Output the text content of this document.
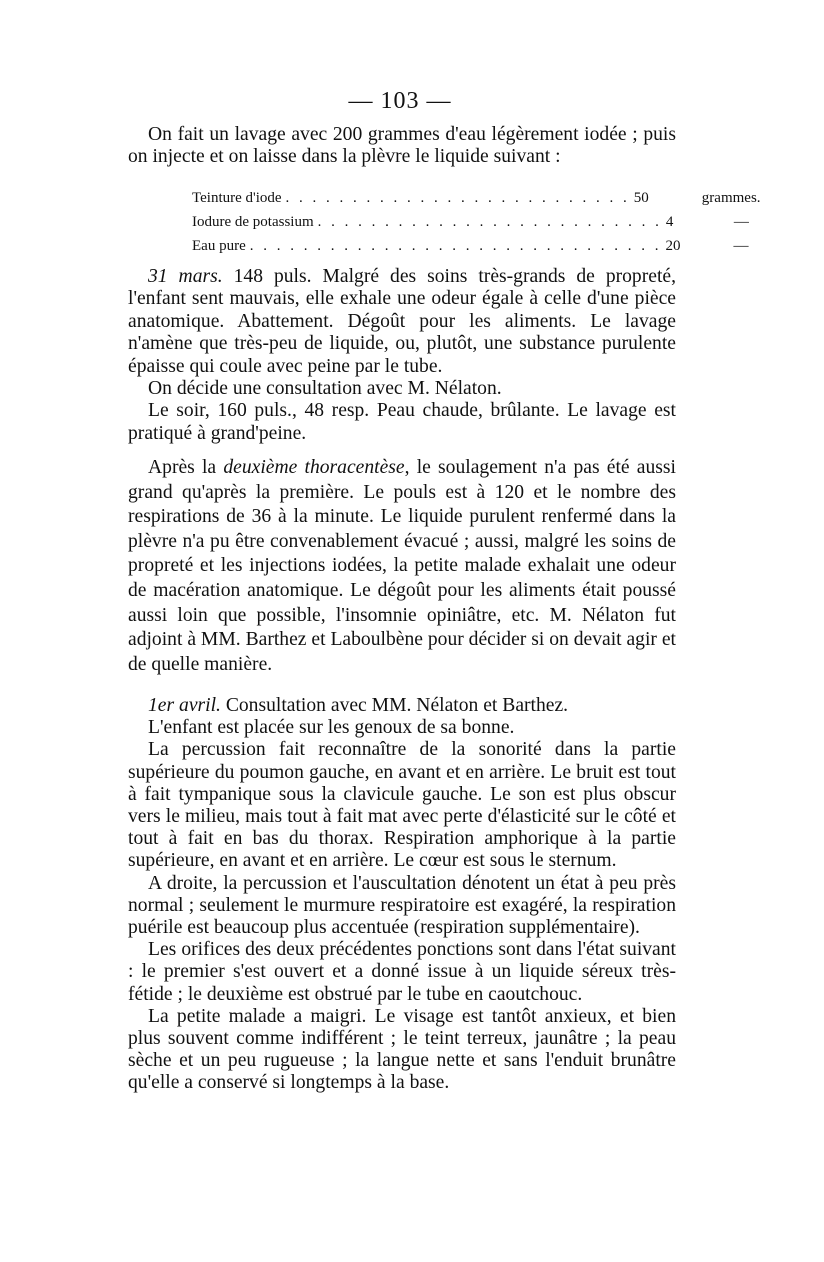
— 103 —

On fait un lavage avec 200 grammes d'eau légèrement iodée ; puis on injecte et on laisse dans la plèvre le liquide suivant :

Teinture d'iode . . . . . . . . . . . . . . . . . . . . . . . . . . 50	grammes.
Iodure de potassium . . . . . . . . . . . . . . . . . . . . . . . . . . 4	—
Eau pure . . . . . . . . . . . . . . . . . . . . . . . . . . . . . . . 20	—

31 mars. 148 puls. Malgré des soins très-grands de propreté, l'enfant sent mauvais, elle exhale une odeur égale à celle d'une pièce anatomique. Abattement. Dégoût pour les aliments. Le lavage n'amène que très-peu de liquide, ou, plutôt, une substance purulente épaisse qui coule avec peine par le tube.

On décide une consultation avec M. Nélaton.

Le soir, 160 puls., 48 resp. Peau chaude, brûlante. Le lavage est pratiqué à grand'peine.

Après la deuxième thoracentèse, le soulagement n'a pas été aussi grand qu'après la première. Le pouls est à 120 et le nombre des respirations de 36 à la minute. Le liquide purulent renfermé dans la plèvre n'a pu être convenablement évacué ; aussi, malgré les soins de propreté et les injections iodées, la petite malade exhalait une odeur de macération anatomique. Le dégoût pour les aliments était poussé aussi loin que possible, l'insomnie opiniâtre, etc. M. Nélaton fut adjoint à MM. Barthez et Laboulbène pour décider si on devait agir et de quelle manière.

1er avril. Consultation avec MM. Nélaton et Barthez.

L'enfant est placée sur les genoux de sa bonne.

La percussion fait reconnaître de la sonorité dans la partie supérieure du poumon gauche, en avant et en arrière. Le bruit est tout à fait tympanique sous la clavicule gauche. Le son est plus obscur vers le milieu, mais tout à fait mat avec perte d'élasticité sur le côté et tout à fait en bas du thorax. Respiration amphorique à la partie supérieure, en avant et en arrière. Le cœur est sous le sternum.

A droite, la percussion et l'auscultation dénotent un état à peu près normal ; seulement le murmure respiratoire est exagéré, la respiration puérile est beaucoup plus accentuée (respiration supplémentaire).

Les orifices des deux précédentes ponctions sont dans l'état suivant : le premier s'est ouvert et a donné issue à un liquide séreux très-fétide ; le deuxième est obstrué par le tube en caoutchouc.

La petite malade a maigri. Le visage est tantôt anxieux, et bien plus souvent comme indifférent ; le teint terreux, jaunâtre ; la peau sèche et un peu rugueuse ; la langue nette et sans l'enduit brunâtre qu'elle a conservé si longtemps à la base.
